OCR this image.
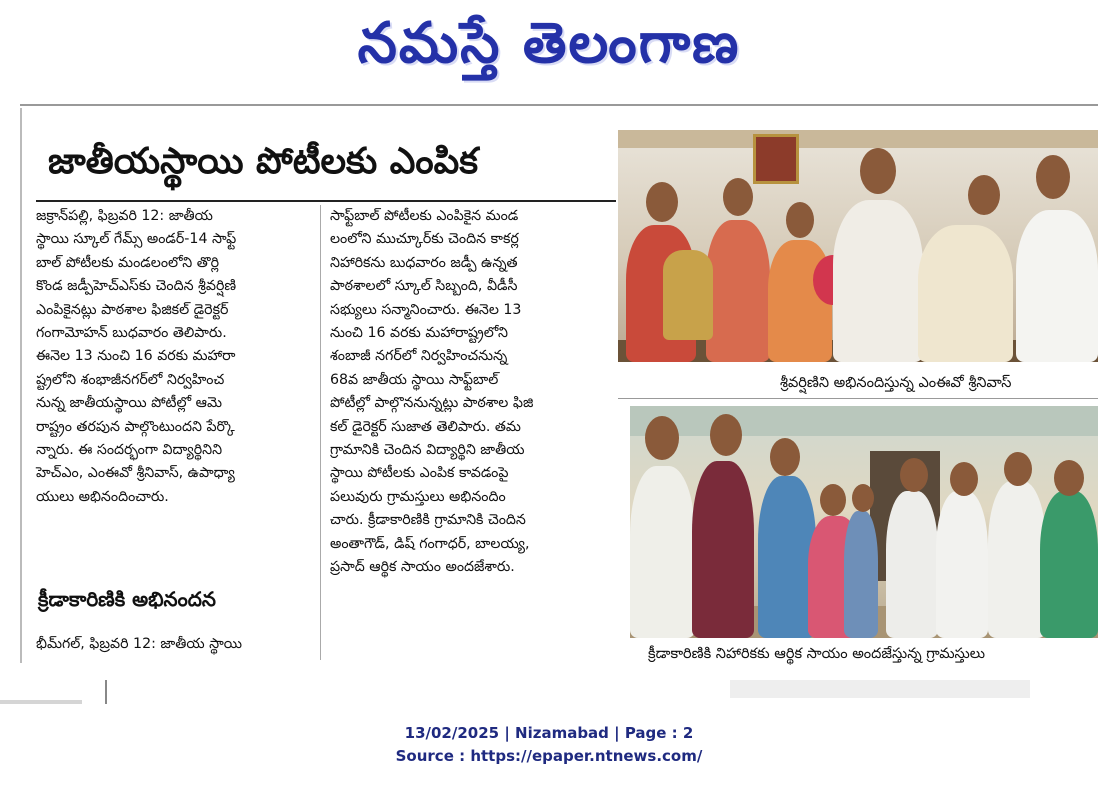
నమస్తే తెలంగాణ
జాతీయస్థాయి పోటీలకు ఎంపిక
జక్రాన్‌పల్లి, ఫిబ్రవరి 12: జాతీయ
స్థాయి స్కూల్ గేమ్స్ అండర్-14 సాఫ్ట్
బాల్ పోటీలకు మండలంలోని తొర్లి
కొండ జడ్పీహెచ్‌ఎస్‌కు చెందిన శ్రీవర్షిణి
ఎంపికైనట్లు పాఠశాల ఫిజికల్ డైరెక్టర్
గంగామోహన్ బుధవారం తెలిపారు.
ఈనెల 13 నుంచి 16 వరకు మహారా
ష్ట్రలోని శంభాజీనగర్‌లో నిర్వహించ
నున్న జాతీయస్థాయి పోటీల్లో ఆమె
రాష్ట్రం తరపున పాల్గొంటుందని పేర్కొ
న్నారు. ఈ సందర్భంగా విద్యార్థినిని
హెచ్‌ఎం, ఎంఈవో శ్రీనివాస్, ఉపాధ్యా
యులు అభినందించారు.
సాఫ్ట్‌బాల్ పోటీలకు ఎంపికైన మండ
లంలోని ముచ్కూర్‌కు చెందిన కాకర్ల
నిహారికను బుధవారం జడ్పీ ఉన్నత
పాఠశాలలో స్కూల్ సిబ్బంది, వీడీసీ
సభ్యులు సన్మానించారు. ఈనెల 13
నుంచి 16 వరకు మహారాష్ట్రలోని
శంబాజీ నగర్‌లో నిర్వహించనున్న
68వ జాతీయ స్థాయి సాఫ్ట్‌బాల్
పోటీల్లో పాల్గొననున్నట్లు పాఠశాల ఫిజి
కల్ డైరెక్టర్ సుజాత తెలిపారు. తమ
గ్రామానికి చెందిన విద్యార్థిని జాతీయ
స్థాయి పోటీలకు ఎంపిక కావడంపై
పలువురు గ్రామస్తులు అభినందిం
చారు. క్రీడాకారిణికి గ్రామానికి చెందిన
అంతాగౌడ్, డిష్ గంగాధర్, బాలయ్య,
ప్రసాద్ ఆర్థిక సాయం అందజేశారు.
క్రీడాకారిణికి అభినందన
భీమ్‌గల్, ఫిబ్రవరి 12: జాతీయ స్థాయి
శ్రీవర్షిణిని అభినందిస్తున్న ఎంఈవో శ్రీనివాస్
క్రీడాకారిణికి నిహారికకు ఆర్థిక సాయం అందజేస్తున్న గ్రామస్తులు
13/02/2025 | Nizamabad | Page : 2
Source : https://epaper.ntnews.com/
